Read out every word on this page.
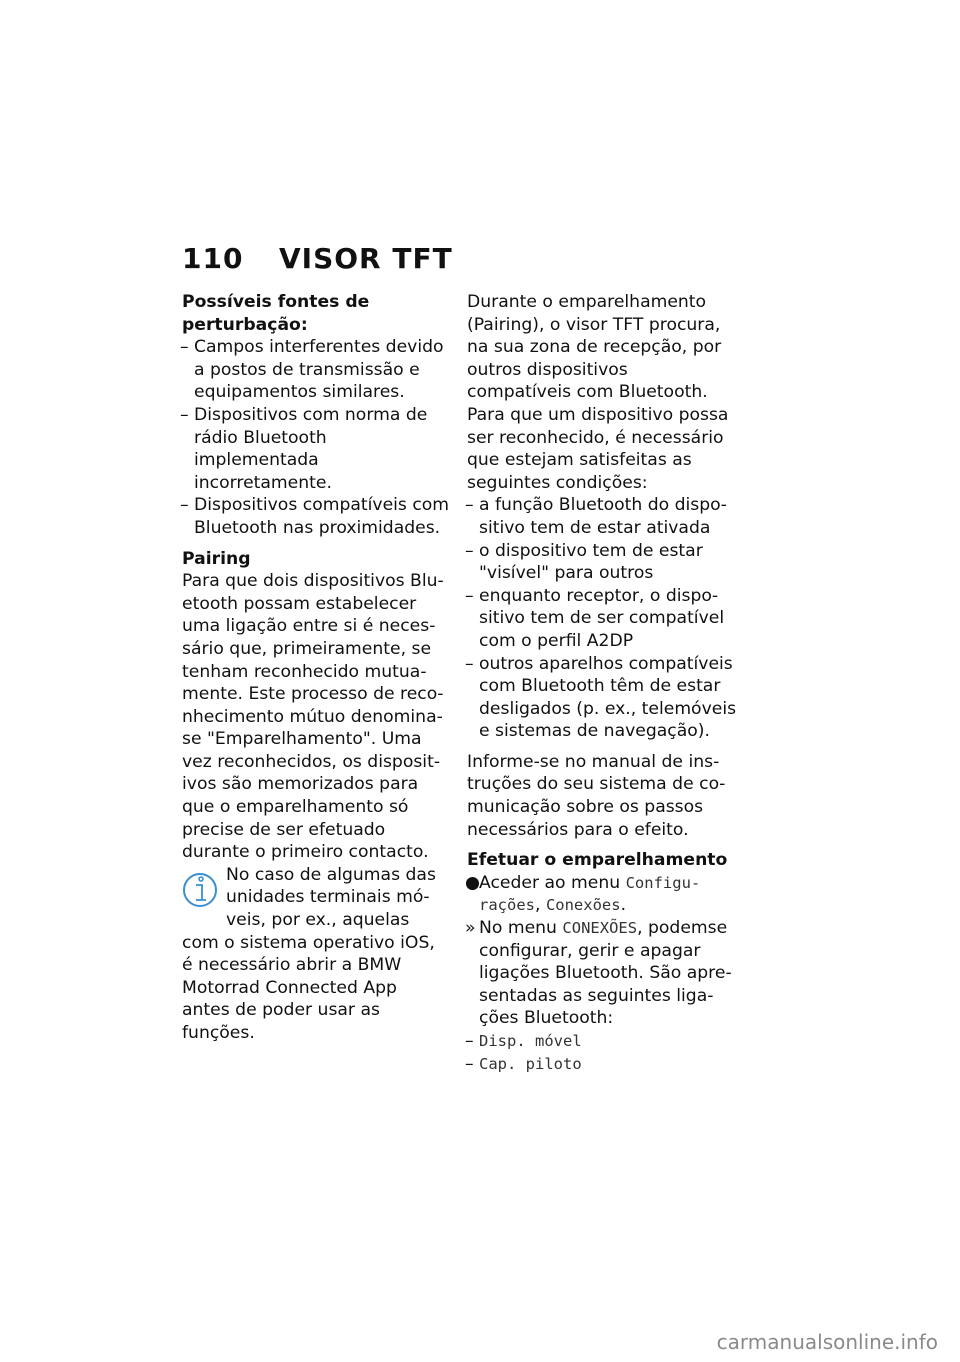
110 VISOR TFT

Possíveis fontes de perturbação:

– Campos interferentes devido a postos de transmissão e equipamentos similares.

– Dispositivos com norma de rádio Bluetooth implementada incorretamente.

– Dispositivos compatíveis com Bluetooth nas proximidades.

Pairing

Para que dois dispositivos Bluetooth possam estabelecer uma ligação entre si é necessário que, primeiramente, se tenham reconhecido mutuamente. Este processo de reconhecimento mútuo denominase "Emparelhamento". Uma vez reconhecidos, os dispositivos são memorizados para que o emparelhamento só precise de ser efetuado durante o primeiro contacto.

No caso de algumas das unidades terminais móveis, por ex., aquelas com o sistema operativo iOS, é necessário abrir a BMW Motorrad Connected App antes de poder usar as funções.

Durante o emparelhamento (Pairing), o visor TFT procura, na sua zona de recepção, por outros dispositivos compatíveis com Bluetooth. Para que um dispositivo possa ser reconhecido, é necessário que estejam satisfeitas as seguintes condições:

– a função Bluetooth do dispositivo tem de estar ativada

– o dispositivo tem de estar "visível" para outros

– enquanto receptor, o dispositivo tem de ser compatível com o perfil A2DP

– outros aparelhos compatíveis com Bluetooth têm de estar desligados (p. ex., telemóveis e sistemas de navegação).

Informe-se no manual de instruções do seu sistema de comunicação sobre os passos necessários para o efeito.

Efetuar o emparelhamento

● Aceder ao menu Configurações, Conexões.

» No menu CONEXÕES, podemse configurar, gerir e apagar ligações Bluetooth. São apresentadas as seguintes ligações Bluetooth:

– Disp. móvel

– Cap. piloto

carmanualsonline.info
